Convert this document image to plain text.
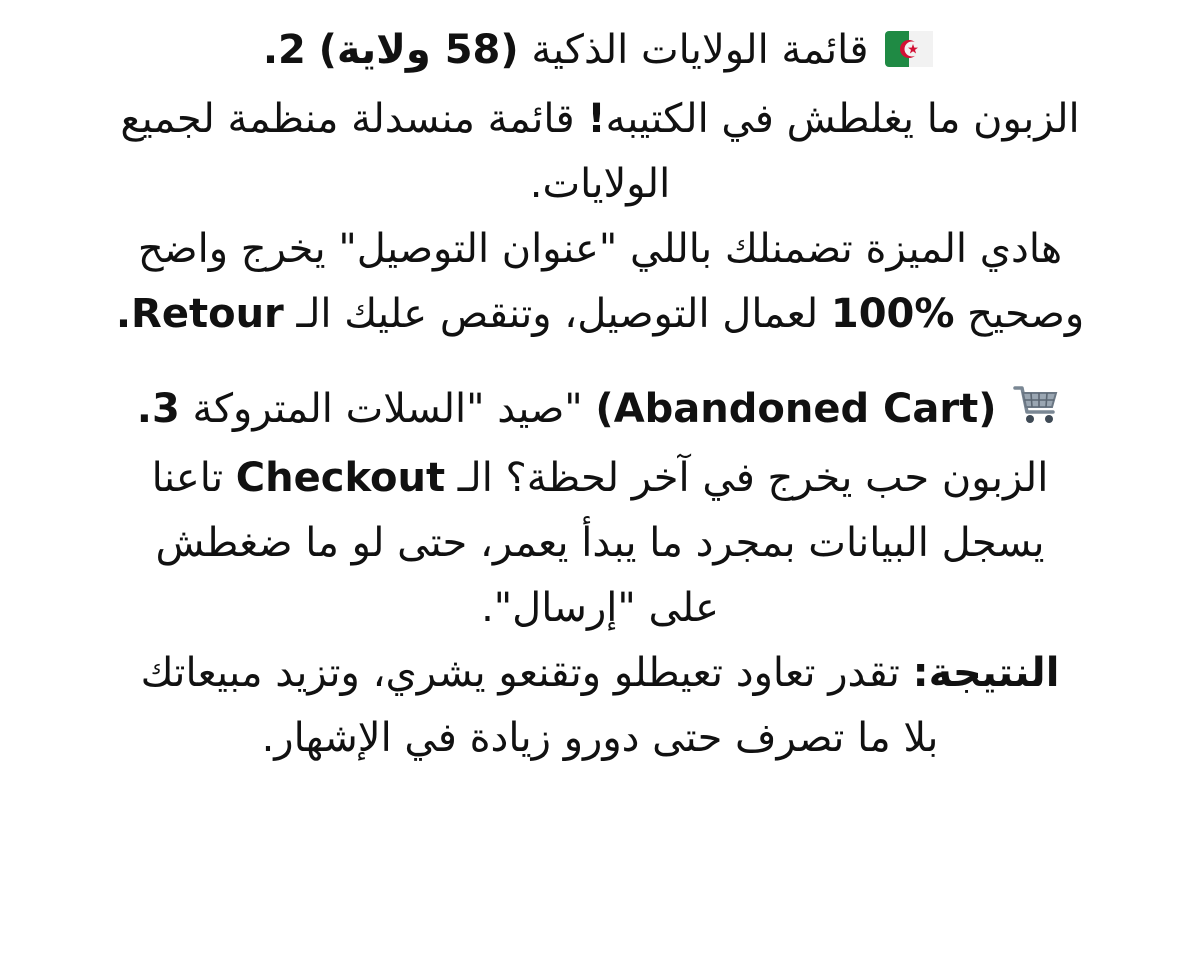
قائمة الولايات الذكية (58 ولاية) 2.

الزبون ما يغلطش في الكتيبه! قائمة منسدلة منظمة لجميع

الولايات.

هادي الميزة تضمنلك باللي "عنوان التوصيل" يخرج واضح

وصحيح 100% لعمال التوصيل، وتنقص عليك الـ Retour.

(Abandoned Cart) "صيد "السلات المتروكة 3.

الزبون حب يخرج في آخر لحظة؟ الـ Checkout تاعنا

يسجل البيانات بمجرد ما يبدأ يعمر، حتى لو ما ضغطش

على "إرسال".

النتيجة: تقدر تعاود تعيطلو وتقنعو يشري، وتزيد مبيعاتك

بلا ما تصرف حتى دورو زيادة في الإشهار.
